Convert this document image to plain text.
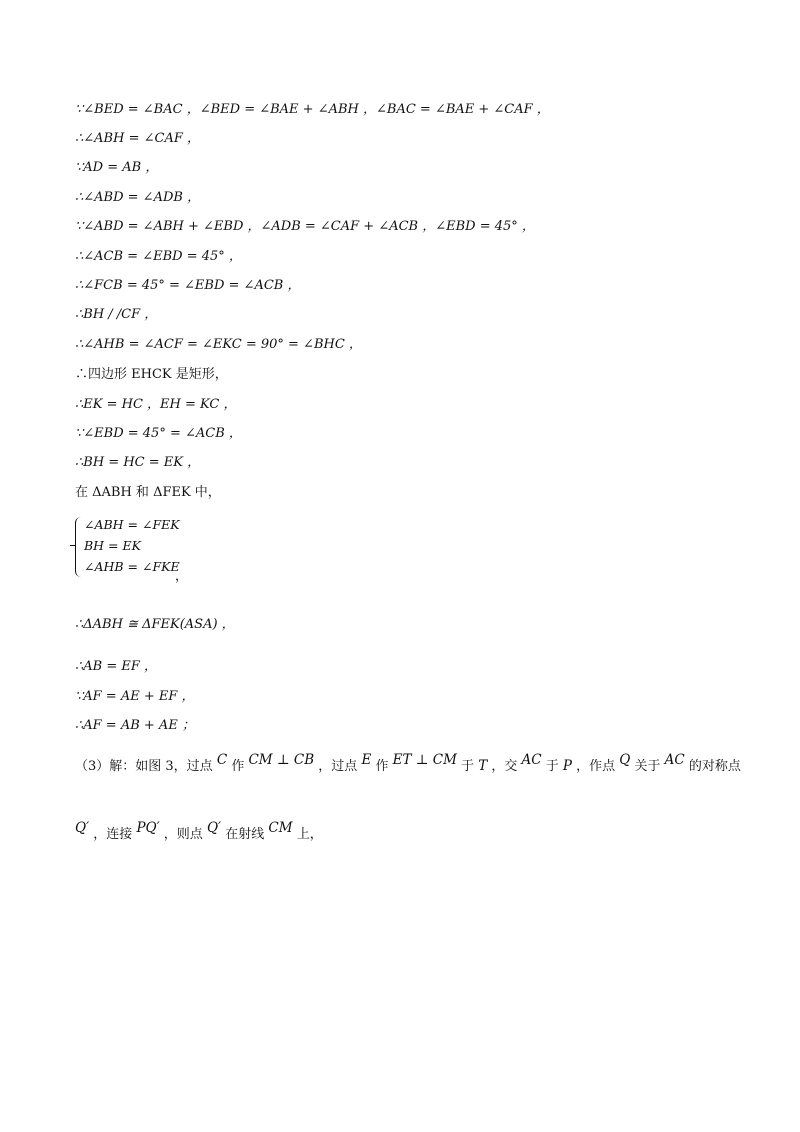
∵∠BED = ∠BAC ，∠BED = ∠BAE + ∠ABH ，∠BAC = ∠BAE + ∠CAF ，
∴∠ABH = ∠CAF ，
∵AD = AB ，
∴∠ABD = ∠ADB ，
∵∠ABD = ∠ABH + ∠EBD ，∠ADB = ∠CAF + ∠ACB ，∠EBD = 45° ，
∴∠ACB = ∠EBD = 45° ，
∴∠FCB = 45° = ∠EBD = ∠ACB ，
∴BH / /CF ，
∴∠AHB = ∠ACF = ∠EKC = 90° = ∠BHC ，
∴四边形 EHCK 是矩形，
∴EK = HC ，EH = KC ，
∵∠EBD = 45° = ∠ACB ，
∴BH = HC = EK ，
在 ΔABH 和 ΔFEK 中，
∠ABH = ∠FEK
BH = EK
∠AHB = ∠FKE
，
∴ΔABH ≅ ΔFEK(ASA) ，
∴AB = EF ，
∵AF = AE + EF ，
∴AF = AB + AE ；
（3）解：如图 3，过点 C 作 CM ⊥ CB ，过点 E 作 ET ⊥ CM 于 T ，交 AC 于 P ，作点 Q 关于 AC 的对称点
Q′ ，连接 PQ′ ，则点 Q′ 在射线 CM 上，
